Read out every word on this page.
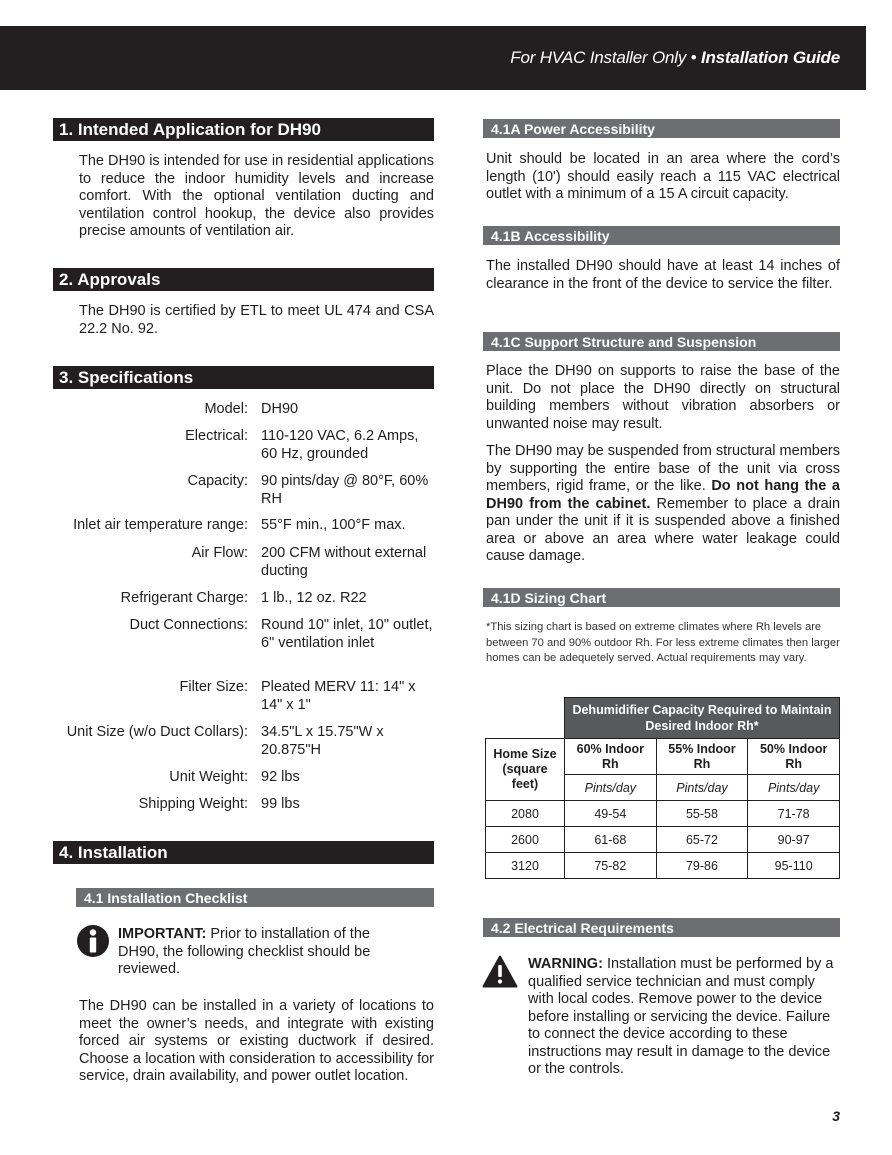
For HVAC Installer Only • Installation Guide
1. Intended Application for DH90
The DH90 is intended for use in residential applications to reduce the indoor humidity levels and increase comfort. With the optional ventilation ducting and ventilation control hookup, the device also provides precise amounts of ventilation air.
2. Approvals
The DH90 is certified by ETL to meet UL 474 and CSA 22.2 No. 92.
3. Specifications
Model: DH90
Electrical: 110-120 VAC, 6.2 Amps, 60 Hz, grounded
Capacity: 90 pints/day @ 80°F, 60% RH
Inlet air temperature range: 55°F min., 100°F max.
Air Flow: 200 CFM without external ducting
Refrigerant Charge: 1 lb., 12 oz. R22
Duct Connections: Round 10" inlet, 10" outlet, 6" ventilation inlet
Filter Size: Pleated MERV 11: 14" x 14" x 1"
Unit Size (w/o Duct Collars): 34.5"L x 15.75"W x 20.875"H
Unit Weight: 92 lbs
Shipping Weight: 99 lbs
4. Installation
4.1 Installation Checklist
IMPORTANT: Prior to installation of the DH90, the following checklist should be reviewed.
The DH90 can be installed in a variety of locations to meet the owner’s needs, and integrate with existing forced air systems or existing ductwork if desired. Choose a location with consideration to accessibility for service, drain availability, and power outlet location.
4.1A Power Accessibility
Unit should be located in an area where the cord’s length (10') should easily reach a 115 VAC electrical outlet with a minimum of a 15 A circuit capacity.
4.1B Accessibility
The installed DH90 should have at least 14 inches of clearance in the front of the device to service the filter.
4.1C Support Structure and Suspension
Place the DH90 on supports to raise the base of the unit. Do not place the DH90 directly on structural building members without vibration absorbers or unwanted noise may result.
The DH90 may be suspended from structural members by supporting the entire base of the unit via cross members, rigid frame, or the like. Do not hang the a DH90 from the cabinet. Remember to place a drain pan under the unit if it is suspended above a finished area or above an area where water leakage could cause damage.
4.1D Sizing Chart
*This sizing chart is based on extreme climates where Rh levels are between 70 and 90% outdoor Rh. For less extreme climates then larger homes can be adequetely served. Actual requirements may vary.
	Dehumidifier Capacity Required to Maintain Desired Indoor Rh*		
Home Size (square feet)	60% Indoor Rh	55% Indoor Rh	50% Indoor Rh
	Pints/day	Pints/day	Pints/day
2080	49-54	55-58	71-78
2600	61-68	65-72	90-97
3120	75-82	79-86	95-110
4.2 Electrical Requirements
WARNING: Installation must be performed by a qualified service technician and must comply with local codes. Remove power to the device before installing or servicing the device. Failure to connect the device according to these instructions may result in damage to the device or the controls.
3
